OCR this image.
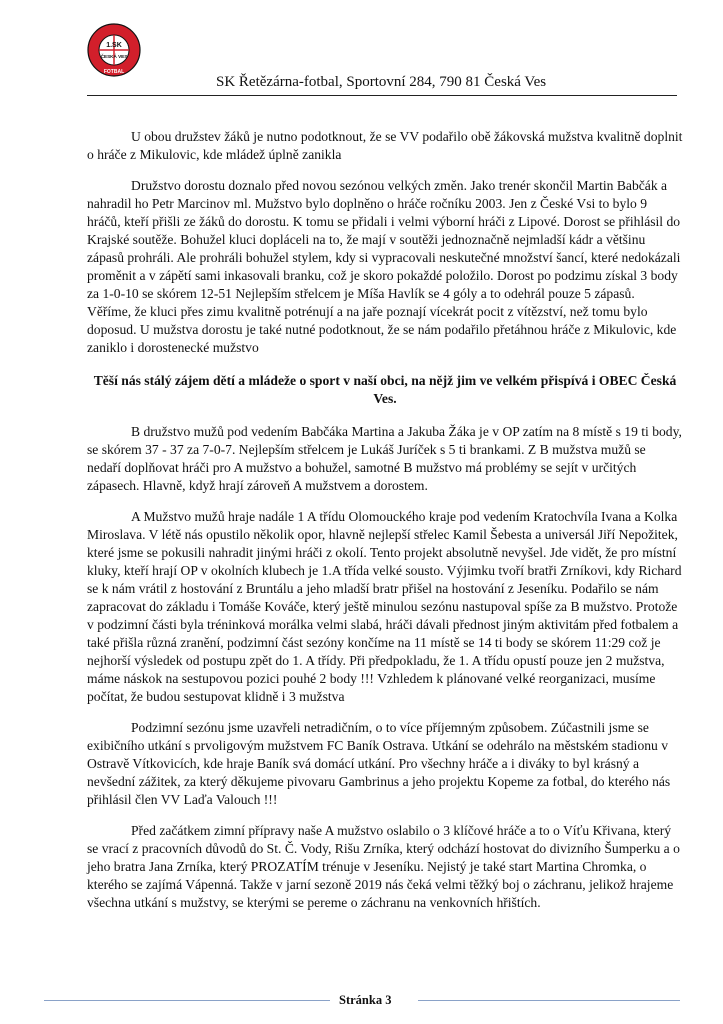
1.SK
ČESKÁ VES
FOTBAL
SK Řetězárna-fotbal, Sportovní 284, 790 81 Česká Ves

U obou družstev žáků je nutno podotknout, že se VV podařilo obě žákovská mužstva kvalitně doplnit o hráče z Mikulovic, kde mládež úplně zanikla

Družstvo dorostu doznalo před novou sezónou velkých změn. Jako trenér skončil Martin Babčák a nahradil ho Petr Marcinov ml. Mužstvo bylo doplněno o hráče ročníku 2003. Jen z České Vsi to bylo 9 hráčů, kteří přišli ze žáků do dorostu. K tomu se přidali i velmi výborní hráči z Lipové. Dorost se přihlásil do Krajské soutěže. Bohužel kluci dopláceli na to, že mají v soutěži jednoznačně nejmladší kádr a většinu zápasů prohráli. Ale prohráli bohužel stylem, kdy si vypracovali neskutečné množství šancí, které nedokázali proměnit a v zápětí sami inkasovali branku, což je skoro pokaždé položilo. Dorost po podzimu získal 3 body za 1-0-10 se skórem 12-51 Nejlepším střelcem je Míša Havlík se 4 góly a to odehrál pouze 5 zápasů.

Věříme, že kluci přes zimu kvalitně potrénují a na jaře poznají vícekrát pocit z vítězství, než tomu bylo doposud. U mužstva dorostu je také nutné podotknout, že se nám podařilo přetáhnou hráče z Mikulovic, kde zaniklo i dorostenecké mužstvo

Těší nás stálý zájem dětí a mládeže o sport v naší obci, na nějž jim ve velkém přispívá i OBEC Česká Ves.

B družstvo mužů pod vedením Babčáka Martina a Jakuba Žáka je v OP zatím na 8 místě s 19 ti body, se skórem 37 - 37 za 7-0-7. Nejlepším střelcem je Lukáš Juríček s 5 ti brankami. Z B mužstva mužů se nedaří doplňovat hráči pro A mužstvo a bohužel, samotné B mužstvo má problémy se sejít v určitých zápasech. Hlavně, když hrají zároveň A mužstvem a dorostem.

A Mužstvo mužů hraje nadále 1 A třídu Olomouckého kraje pod vedením Kratochvíla Ivana a Kolka Miroslava. V létě nás opustilo několik opor, hlavně nejlepší střelec Kamil Šebesta a universál Jiří Nepožitek, které jsme se pokusili nahradit jinými hráči z okolí. Tento projekt absolutně nevyšel. Jde vidět, že pro místní kluky, kteří hrají OP v okolních klubech je 1.A třída velké sousto. Výjimku tvoří bratři Zrníkovi, kdy Richard se k nám vrátil z hostování z Bruntálu a jeho mladší bratr přišel na hostování z Jeseníku. Podařilo se nám zapracovat do základu i Tomáše Kováče, který ještě minulou sezónu nastupoval spíše za B mužstvo. Protože v podzimní části byla tréninková morálka velmi slabá, hráči dávali přednost jiným aktivitám před fotbalem a také přišla různá zranění, podzimní část sezóny končíme na 11 místě se 14 ti body se skórem 11:29 což je nejhorší výsledek od postupu zpět do 1. A třídy. Při předpokladu, že 1. A třídu opustí pouze jen 2 mužstva, máme náskok na sestupovou pozici pouhé 2 body !!! Vzhledem k plánované velké reorganizaci, musíme počítat, že budou sestupovat klidně i 3 mužstva

Podzimní sezónu jsme uzavřeli netradičním, o to více příjemným způsobem. Zúčastnili jsme se exibičního utkání s prvoligovým mužstvem FC Baník Ostrava. Utkání se odehrálo na městském stadionu v Ostravě Vítkovicích, kde hraje Baník svá domácí utkání. Pro všechny hráče a i diváky to byl krásný a nevšední zážitek, za který děkujeme pivovaru Gambrinus a jeho projektu Kopeme za fotbal, do kterého nás přihlásil člen VV Laďa Valouch !!!

Před začátkem zimní přípravy naše A mužstvo oslabilo o 3 klíčové hráče a to o Víťu Křivana, který se vrací z pracovních důvodů do St. Č. Vody, Rišu Zrníka, který odchází hostovat do divizního Šumperku a o jeho bratra Jana Zrníka, který PROZATÍM trénuje v Jeseníku. Nejistý je také start Martina Chromka, o kterého se zajímá Vápenná. Takže v jarní sezoně 2019 nás čeká velmi těžký boj o záchranu, jelikož hrajeme všechna utkání s mužstvy, se kterými se pereme o záchranu na venkovních hřištích.

Stránka 3
